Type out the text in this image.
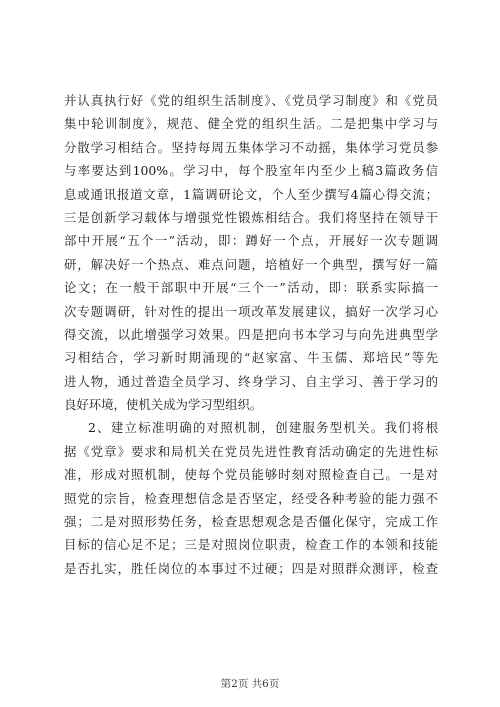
并认真执行好《党的组织生活制度》、《党员学习制度》和《党员
集中轮训制度》，规范、健全党的组织生活。二是把集中学习与
分散学习相结合。坚持每周五集体学习不动摇，集体学习党员参
与率要达到100%。学习中，每个股室年内至少上稿3篇政务信
息或通讯报道文章，1篇调研论文，个人至少撰写4篇心得交流；
三是创新学习载体与增强党性锻炼相结合。我们将坚持在领导干
部中开展“五个一”活动，即：蹲好一个点，开展好一次专题调
研，解决好一个热点、难点问题，培植好一个典型，撰写好一篇
论文；在一般干部职中开展“三个一”活动，即：联系实际搞一
次专题调研，针对性的提出一项改革发展建议，搞好一次学习心
得交流，以此增强学习效果。四是把向书本学习与向先进典型学
习相结合，学习新时期涌现的“赵家富、牛玉儒、郑培民”等先
进人物，通过普造全员学习、终身学习、自主学习、善于学习的
良好环境，使机关成为学习型组织。
2、建立标准明确的对照机制，创建服务型机关。我们将根
据《党章》要求和局机关在党员先进性教育活动确定的先进性标
准，形成对照机制，使每个党员能够时刻对照检查自己。一是对
照党的宗旨，检查理想信念是否坚定，经受各种考验的能力强不
强；二是对照形势任务，检查思想观念是否僵化保守，完成工作
目标的信心足不足；三是对照岗位职责，检查工作的本领和技能
是否扎实，胜任岗位的本事过不过硬；四是对照群众测评，检查
第2页 共6页
